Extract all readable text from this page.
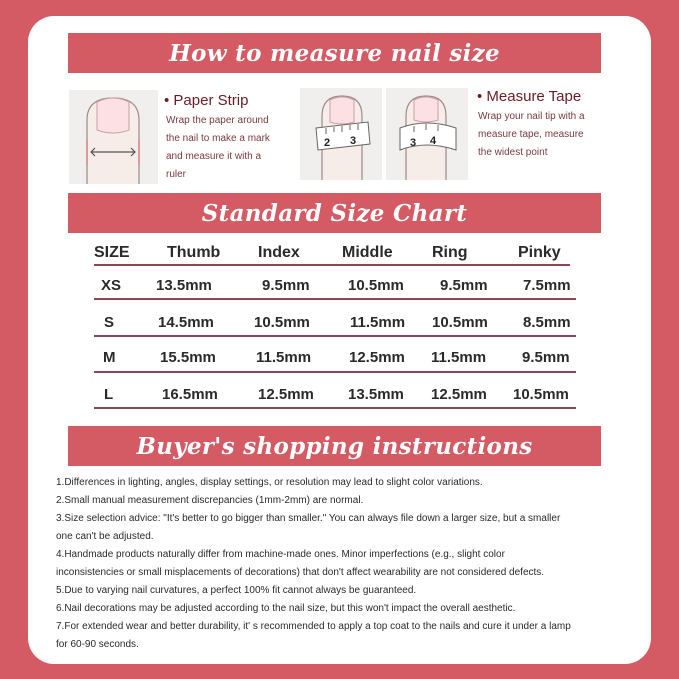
How to measure nail size
• Paper Strip
Wrap the paper around
the nail to make a mark
and measure it with a
ruler
2 3	3 4
• Measure Tape
Wrap your nail tip with a
measure tape, measure
the widest point
Standard Size Chart
SIZE Thumb Index	Middle Ring	Pinky
XS 13.5mm	9.5mm	10.5mm 9.5mm 7.5mm
S	14.5mm	10.5mm	11.5mm 10.5mm 8.5mm
M	15.5mm	11.5mm	12.5mm 11.5mm 9.5mm
L	16.5mm	12.5mm 13.5mm 12.5mm 10.5mm
Buyer's shopping instructions
1.Differences in lighting, angles, display settings, or resolution may lead to slight color variations.
2.Small manual measurement discrepancies (1mm-2mm) are normal.
3.Size selection advice: "It's better to go bigger than smaller." You can always file down a larger size, but a smaller
one can't be adjusted.
4.Handmade products naturally differ from machine-made ones. Minor imperfections (e.g., slight color
inconsistencies or small misplacements of decorations) that don't affect wearability are not considered defects.
5.Due to varying nail curvatures, a perfect 100% fit cannot always be guaranteed.
6.Nail decorations may be adjusted according to the nail size, but this won't impact the overall aesthetic.
7.For extended wear and better durability, it' s recommended to apply a top coat to the nails and cure it under a lamp
for 60-90 seconds.
